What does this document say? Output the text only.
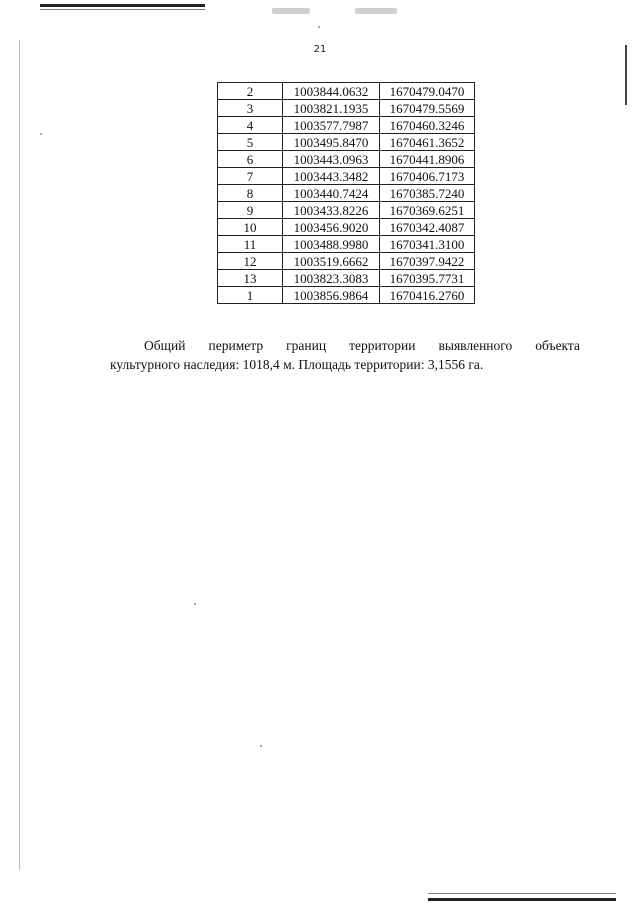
21
2	1003844.0632	1670479.0470
3	1003821.1935	1670479.5569
4	1003577.7987	1670460.3246
5	1003495.8470	1670461.3652
6	1003443.0963	1670441.8906
7	1003443.3482	1670406.7173
8	1003440.7424	1670385.7240
9	1003433.8226	1670369.6251
10	1003456.9020	1670342.4087
11	1003488.9980	1670341.3100
12	1003519.6662	1670397.9422
13	1003823.3083	1670395.7731
1	1003856.9864	1670416.2760
Общий периметр границ территории выявленного объекта
культурного наследия: 1018,4 м. Площадь территории: 3,1556 га.
